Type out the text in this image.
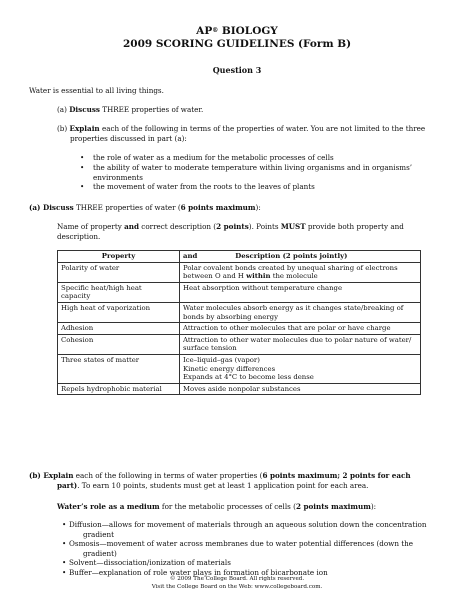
AP® BIOLOGY
2009 SCORING GUIDELINES (Form B)
Question 3
Water is essential to all living things.
(a) Discuss THREE properties of water.
(b) Explain each of the following in terms of the properties of water. You are not limited to the three
properties discussed in part (a):
• the role of water as a medium for the metabolic processes of cells
• the ability of water to moderate temperature within living organisms and in organisms’
environments
• the movement of water from the roots to the leaves of plants
(a) Discuss THREE properties of water (6 points maximum):
Name of property and correct description (2 points). Points MUST provide both property and
description.
Property	and Description (2 points jointly)

Polarity of water	Polar covalent bonds created by unequal sharing of electrons
between O and H within the molecule

Specific heat/high heat
capacity	Heat absorption without temperature change

High heat of vaporization	Water molecules absorb energy as it changes state/breaking of
bonds by absorbing energy

Adhesion	Attraction to other molecules that are polar or have charge

Cohesion	Attraction to other water molecules due to polar nature of water/
surface tension

Three states of matter	Ice–liquid–gas (vapor)
Kinetic energy differences
Expands at 4°C to become less dense

Repels hydrophobic material	Moves aside nonpolar substances
(b) Explain each of the following in terms of water properties (6 points maximum; 2 points for each
part). To earn 10 points, students must get at least 1 application point for each area.
Water’s role as a medium for the metabolic processes of cells (2 points maximum):
• Diffusion—allows for movement of materials through an aqueous solution down the concentration
gradient
• Osmosis—movement of water across membranes due to water potential differences (down the
gradient)
• Solvent—dissociation/ionization of materials
• Buffer—explanation of role water plays in formation of bicarbonate ion
© 2009 The College Board. All rights reserved.
Visit the College Board on the Web: www.collegeboard.com.
